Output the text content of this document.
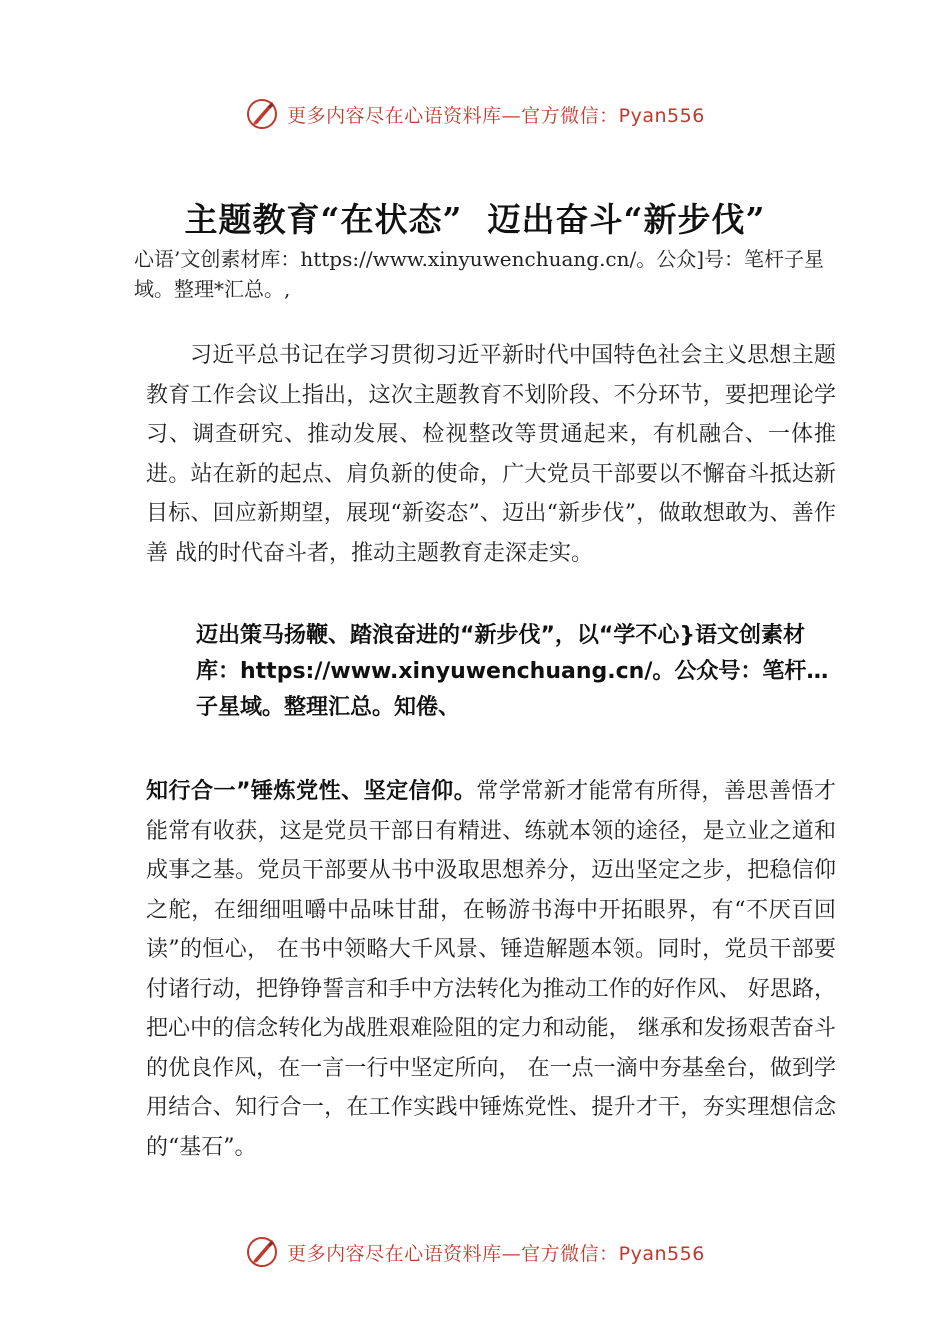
更多内容尽在心语资料库—官方微信：Pyan556
主题教育“在状态”  迈出奋斗“新步伐”
心语’文创素材库：https://www.xinyuwenchuang.cn/。公众]号：笔杆子星域。整理*汇总。,
习近平总书记在学习贯彻习近平新时代中国特色社会主义思想主题教育工作会议上指出，这次主题教育不划阶段、不分环节，要把理论学习、调查研究、推动发展、检视整改等贯通起来，有机融合、一体推进。站在新的起点、肩负新的使命，广大党员干部要以不懈奋斗抵达新目标、回应新期望，展现“新姿态”、迈出“新步伐”，做敢想敢为、善作善 战的时代奋斗者，推动主题教育走深走实。
迈出策马扬鞭、踏浪奋进的“新步伐”，以“学不心}语文创素材库：https://www.xinyuwenchuang.cn/。公众号：笔杆…子星域。整理汇总。知倦、
知行合一”锤炼党性、坚定信仰。常学常新才能常有所得，善思善悟才能常有收获，这是党员干部日有精进、练就本领的途径，是立业之道和成事之基。党员干部要从书中汲取思想养分，迈出坚定之步，把稳信仰之舵，在细细咀嚼中品味甘甜，在畅游书海中开拓眼界，有“不厌百回读”的恒心， 在书中领略大千风景、锤造解题本领。同时，党员干部要付诸行动，把铮铮誓言和手中方法转化为推动工作的好作风、 好思路，把心中的信念转化为战胜艰难险阻的定力和动能， 继承和发扬艰苦奋斗的优良作风，在一言一行中坚定所向， 在一点一滴中夯基垒台，做到学用结合、知行合一，在工作实践中锤炼党性、提升才干，夯实理想信念的“基石”。
更多内容尽在心语资料库—官方微信：Pyan556
